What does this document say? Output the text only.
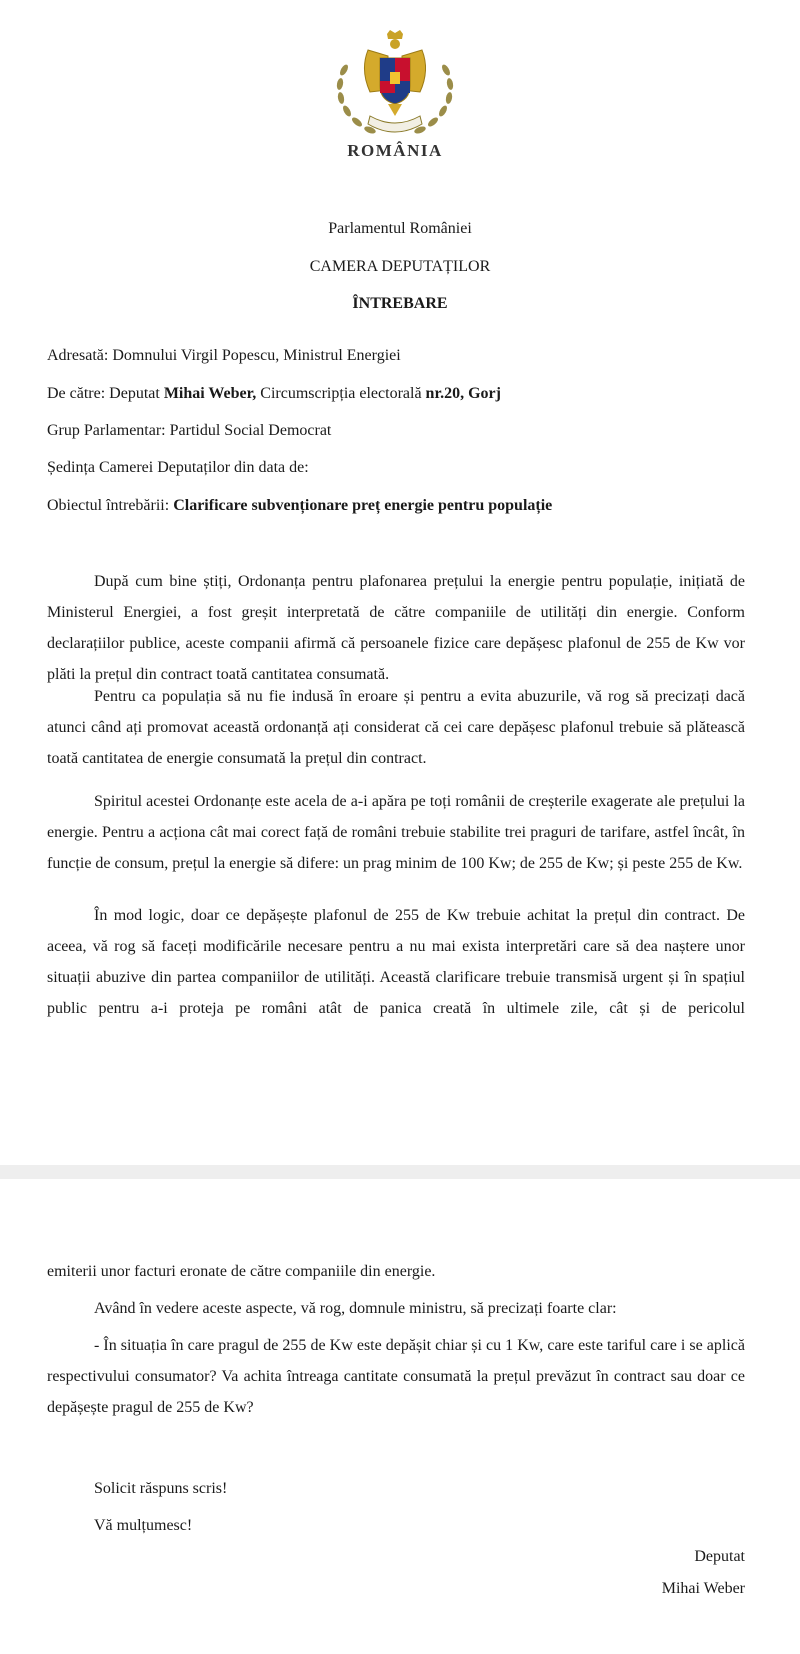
ROMÂNIA
Parlamentul României
CAMERA DEPUTAȚILOR
ÎNTREBARE
Adresată: Domnului Virgil Popescu, Ministrul Energiei
De către: Deputat Mihai Weber, Circumscripția electorală nr.20, Gorj
Grup Parlamentar: Partidul Social Democrat
Ședința Camerei Deputaților din data de:
Obiectul întrebării: Clarificare subvenționare preț energie pentru populație

După cum bine știți, Ordonanța pentru plafonarea prețului la energie pentru populație, inițiată de Ministerul Energiei, a fost greșit interpretată de către companiile de utilități din energie. Conform declarațiilor publice, aceste companii afirmă că persoanele fizice care depășesc plafonul de 255 de Kw vor plăti la prețul din contract toată cantitatea consumată.

Pentru ca populația să nu fie indusă în eroare și pentru a evita abuzurile, vă rog să precizați dacă atunci când ați promovat această ordonanță ați considerat că cei care depășesc plafonul trebuie să plătească toată cantitatea de energie consumată la prețul din contract.

Spiritul acestei Ordonanțe este acela de a-i apăra pe toți românii de creșterile exagerate ale prețului la energie. Pentru a acționa cât mai corect față de români trebuie stabilite trei praguri de tarifare, astfel încât, în funcție de consum, prețul la energie să difere: un prag minim de 100 Kw; de 255 de Kw; și peste 255 de Kw.

În mod logic, doar ce depășește plafonul de 255 de Kw trebuie achitat la prețul din contract. De aceea, vă rog să faceți modificările necesare pentru a nu mai exista interpretări care să dea naștere unor situații abuzive din partea companiilor de utilități. Această clarificare trebuie transmisă urgent și în spațiul public pentru a-i proteja pe români atât de panica creată în ultimele zile, cât și de pericolul

emiterii unor facturi eronate de către companiile din energie.
Având în vedere aceste aspecte, vă rog, domnule ministru, să precizați foarte clar:

- În situația în care pragul de 255 de Kw este depășit chiar și cu 1 Kw, care este tariful care i se aplică respectivului consumator? Va achita întreaga cantitate consumată la prețul prevăzut în contract sau doar ce depășește pragul de 255 de Kw?

Solicit răspuns scris!
Vă mulțumesc!
Deputat
Mihai Weber
